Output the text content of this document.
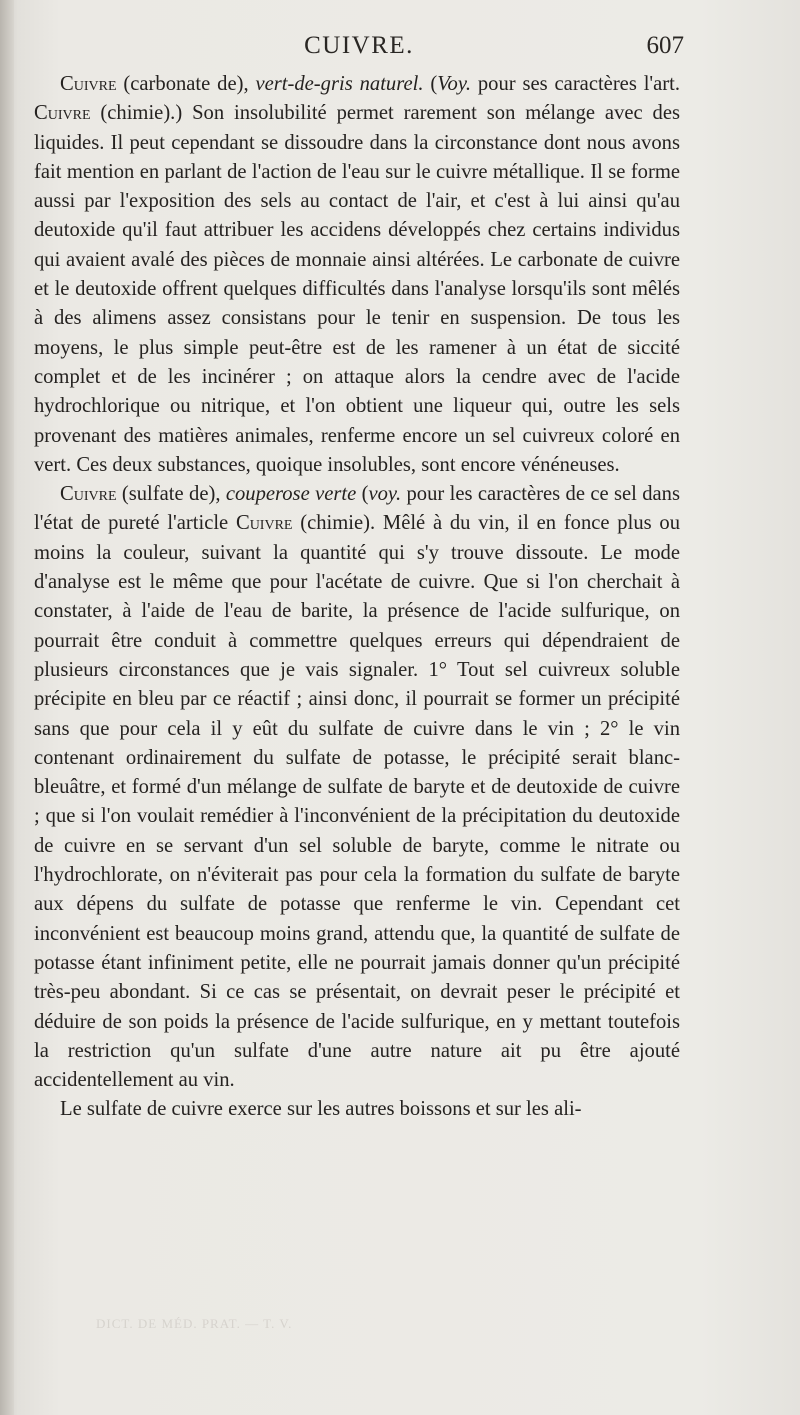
CUIVRE.	607

Cuivre (carbonate de), vert-de-gris naturel. (Voy. pour ses caractères l'art. Cuivre (chimie).) Son insolubilité permet rarement son mélange avec des liquides. Il peut cependant se dissoudre dans la circonstance dont nous avons fait mention en parlant de l'action de l'eau sur le cuivre métallique. Il se forme aussi par l'exposition des sels au contact de l'air, et c'est à lui ainsi qu'au deutoxide qu'il faut attribuer les accidens développés chez certains individus qui avaient avalé des pièces de monnaie ainsi altérées. Le carbonate de cuivre et le deutoxide offrent quelques difficultés dans l'analyse lorsqu'ils sont mêlés à des alimens assez consistans pour le tenir en suspension. De tous les moyens, le plus simple peut-être est de les ramener à un état de siccité complet et de les incinérer ; on attaque alors la cendre avec de l'acide hydrochlorique ou nitrique, et l'on obtient une liqueur qui, outre les sels provenant des matières animales, renferme encore un sel cuivreux coloré en vert. Ces deux substances, quoique insolubles, sont encore vénéneuses.

Cuivre (sulfate de), couperose verte (voy. pour les caractères de ce sel dans l'état de pureté l'article Cuivre (chimie). Mêlé à du vin, il en fonce plus ou moins la couleur, suivant la quantité qui s'y trouve dissoute. Le mode d'analyse est le même que pour l'acétate de cuivre. Que si l'on cherchait à constater, à l'aide de l'eau de barite, la présence de l'acide sulfurique, on pourrait être conduit à commettre quelques erreurs qui dépendraient de plusieurs circonstances que je vais signaler. 1° Tout sel cuivreux soluble précipite en bleu par ce réactif ; ainsi donc, il pourrait se former un précipité sans que pour cela il y eût du sulfate de cuivre dans le vin ; 2° le vin contenant ordinairement du sulfate de potasse, le précipité serait blanc-bleuâtre, et formé d'un mélange de sulfate de baryte et de deutoxide de cuivre ; que si l'on voulait remédier à l'inconvénient de la précipitation du deutoxide de cuivre en se servant d'un sel soluble de baryte, comme le nitrate ou l'hydrochlorate, on n'éviterait pas pour cela la formation du sulfate de baryte aux dépens du sulfate de potasse que renferme le vin. Cependant cet inconvénient est beaucoup moins grand, attendu que, la quantité de sulfate de potasse étant infiniment petite, elle ne pourrait jamais donner qu'un précipité très-peu abondant. Si ce cas se présentait, on devrait peser le précipité et déduire de son poids la présence de l'acide sulfurique, en y mettant toutefois la restriction qu'un sulfate d'une autre nature ait pu être ajouté accidentellement au vin.

Le sulfate de cuivre exerce sur les autres boissons et sur les ali-

DICT. DE MÉD. PRAT. — T. V.
